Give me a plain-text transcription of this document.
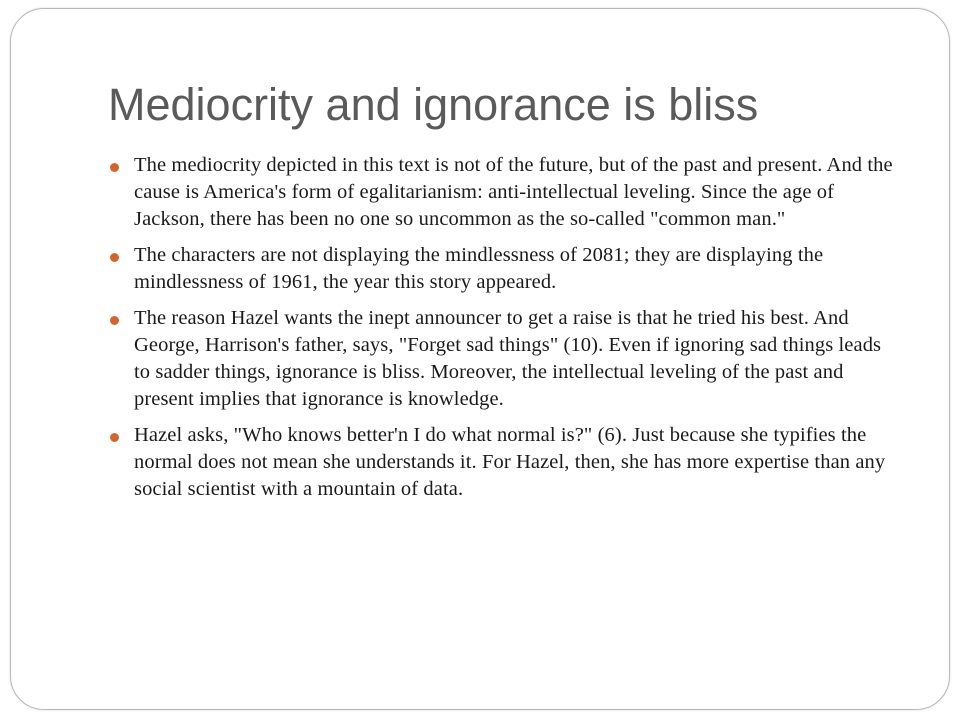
Mediocrity and ignorance is bliss
The mediocrity depicted in this text is not of the future, but of the past and present. And the cause is America's form of egalitarianism: anti-intellectual leveling. Since the age of Jackson, there has been no one so uncommon as the so-called "common man."
The characters are not displaying the mindlessness of 2081; they are displaying the mindlessness of 1961, the year this story appeared.
The reason Hazel wants the inept announcer to get a raise is that he tried his best. And George, Harrison's father, says, "Forget sad things" (10). Even if ignoring sad things leads to sadder things, ignorance is bliss. Moreover, the intellectual leveling of the past and present implies that ignorance is knowledge.
Hazel asks, "Who knows better'n I do what normal is?" (6). Just because she typifies the normal does not mean she understands it. For Hazel, then, she has more expertise than any social scientist with a mountain of data.
